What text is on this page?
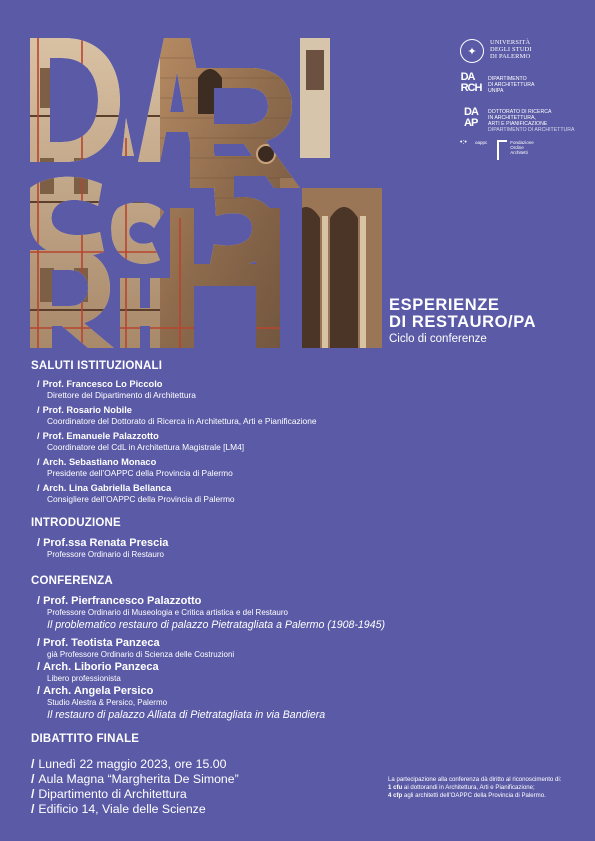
✦
UNIVERSITÀ
DEGLI STUDI
DI PALERMO
DA
RCH
DIPARTIMENTO
DI ARCHITETTURA
UNIPA
DA
AP
DOTTORATO DI RICERCA
IN ARCHITETTURA,
ARTI E PIANIFICAZIONE
DIPARTIMENTO DI ARCHITETTURA
•:•	oappc	Fondazione
Ordine
Architetti
ESPERIENZE
DI RESTAURO/PA
Ciclo di conferenze
SALUTI ISTITUZIONALI
/ Prof. Francesco Lo Piccolo
Direttore del Dipartimento di Architettura
/ Prof. Rosario Nobile
Coordinatore del Dottorato di Ricerca in Architettura, Arti e Pianificazione
/ Prof. Emanuele Palazzotto
Coordinatore del CdL in Architettura Magistrale [LM4]
/ Arch. Sebastiano Monaco
Presidente dell’OAPPC della Provincia di Palermo
/ Arch. Lina Gabriella Bellanca
Consigliere dell’OAPPC della Provincia di Palermo
INTRODUZIONE
/ Prof.ssa Renata Prescia
Professore Ordinario di Restauro
CONFERENZA
/ Prof. Pierfrancesco Palazzotto
Professore Ordinario di Museologia e Critica artistica e del Restauro
Il problematico restauro di palazzo Pietratagliata a Palermo (1908-1945)
/ Prof. Teotista Panzeca
già Professore Ordinario di Scienza delle Costruzioni
/ Arch. Liborio Panzeca
Libero professionista
/ Arch. Angela Persico
Studio Alestra & Persico, Palermo
Il restauro di palazzo Alliata di Pietratagliata in via Bandiera
DIBATTITO FINALE
/ Lunedì 22 maggio 2023, ore 15.00
/ Aula Magna “Margherita De Simone”
/ Dipartimento di Architettura
/ Edificio 14, Viale delle Scienze
La partecipazione alla conferenza dà diritto al riconoscimento di:
1 cfu ai dottorandi in Architettura, Arti e Pianificazione;
4 cfp agli architetti dell’OAPPC della Provincia di Palermo.
